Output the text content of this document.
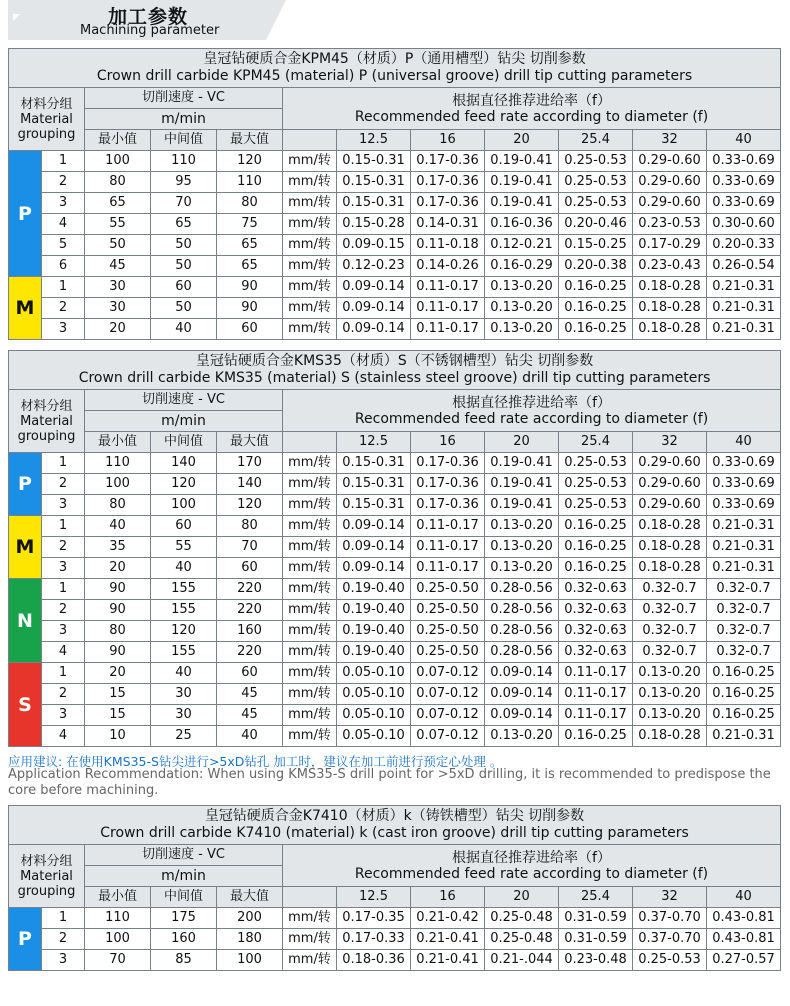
加工参数
Machining parameter
皇冠钻硬质合金KPM45（材质）P（通用槽型）钻尖 切削参数
Crown drill carbide KPM45 (material) P (universal groove) drill tip cutting parameters											
材料分组
Material
grouping		切削速度 - VC			根据直径推荐进给率（f）
Recommended feed rate according to diameter (f)						
		m/min									
		最小值	中间值	最大值		12.5	16	20	25.4	32	40
P	1	100	110	120	mm/转	0.15-0.31	0.17-0.36	0.19-0.41	0.25-0.53	0.29-0.60	0.33-0.69
	2	80	95	110	mm/转	0.15-0.31	0.17-0.36	0.19-0.41	0.25-0.53	0.29-0.60	0.33-0.69
	3	65	70	80	mm/转	0.15-0.31	0.17-0.36	0.19-0.41	0.25-0.53	0.29-0.60	0.33-0.69
	4	55	65	75	mm/转	0.15-0.28	0.14-0.31	0.16-0.36	0.20-0.46	0.23-0.53	0.30-0.60
	5	50	50	65	mm/转	0.09-0.15	0.11-0.18	0.12-0.21	0.15-0.25	0.17-0.29	0.20-0.33
	6	45	50	65	mm/转	0.12-0.23	0.14-0.26	0.16-0.29	0.20-0.38	0.23-0.43	0.26-0.54
M	1	30	60	90	mm/转	0.09-0.14	0.11-0.17	0.13-0.20	0.16-0.25	0.18-0.28	0.21-0.31
	2	30	50	90	mm/转	0.09-0.14	0.11-0.17	0.13-0.20	0.16-0.25	0.18-0.28	0.21-0.31
	3	20	40	60	mm/转	0.09-0.14	0.11-0.17	0.13-0.20	0.16-0.25	0.18-0.28	0.21-0.31
皇冠钻硬质合金KMS35（材质）S（不锈钢槽型）钻尖 切削参数
Crown drill carbide KMS35 (material) S (stainless steel groove) drill tip cutting parameters											
材料分组
Material
grouping		切削速度 - VC			根据直径推荐进给率（f）
Recommended feed rate according to diameter (f)						
		m/min									
		最小值	中间值	最大值		12.5	16	20	25.4	32	40
P	1	110	140	170	mm/转	0.15-0.31	0.17-0.36	0.19-0.41	0.25-0.53	0.29-0.60	0.33-0.69
	2	100	120	140	mm/转	0.15-0.31	0.17-0.36	0.19-0.41	0.25-0.53	0.29-0.60	0.33-0.69
	3	80	100	120	mm/转	0.15-0.31	0.17-0.36	0.19-0.41	0.25-0.53	0.29-0.60	0.33-0.69
M	1	40	60	80	mm/转	0.09-0.14	0.11-0.17	0.13-0.20	0.16-0.25	0.18-0.28	0.21-0.31
	2	35	55	70	mm/转	0.09-0.14	0.11-0.17	0.13-0.20	0.16-0.25	0.18-0.28	0.21-0.31
	3	20	40	60	mm/转	0.09-0.14	0.11-0.17	0.13-0.20	0.16-0.25	0.18-0.28	0.21-0.31
N	1	90	155	220	mm/转	0.19-0.40	0.25-0.50	0.28-0.56	0.32-0.63	0.32-0.7	0.32-0.7
	2	90	155	220	mm/转	0.19-0.40	0.25-0.50	0.28-0.56	0.32-0.63	0.32-0.7	0.32-0.7
	3	80	120	160	mm/转	0.19-0.40	0.25-0.50	0.28-0.56	0.32-0.63	0.32-0.7	0.32-0.7
	4	90	155	220	mm/转	0.19-0.40	0.25-0.50	0.28-0.56	0.32-0.63	0.32-0.7	0.32-0.7
S	1	20	40	60	mm/转	0.05-0.10	0.07-0.12	0.09-0.14	0.11-0.17	0.13-0.20	0.16-0.25
	2	15	30	45	mm/转	0.05-0.10	0.07-0.12	0.09-0.14	0.11-0.17	0.13-0.20	0.16-0.25
	3	15	30	45	mm/转	0.05-0.10	0.07-0.12	0.09-0.14	0.11-0.17	0.13-0.20	0.16-0.25
	4	10	25	40	mm/转	0.05-0.10	0.07-0.12	0.13-0.20	0.16-0.25	0.18-0.28	0.21-0.31
应用建议: 在使用KMS35-S钻尖进行>5xD钻孔 加工时，建议在加工前进行预定心处理 。
Application Recommendation: When using KMS35-S drill point for >5xD drilling, it is recommended to predispose the core before machining.
皇冠钻硬质合金K7410（材质）k（铸铁槽型）钻尖 切削参数
Crown drill carbide K7410 (material) k (cast iron groove) drill tip cutting parameters											
材料分组
Material
grouping		切削速度 - VC			根据直径推荐进给率（f）
Recommended feed rate according to diameter (f)						
		m/min									
		最小值	中间值	最大值		12.5	16	20	25.4	32	40
P	1	110	175	200	mm/转	0.17-0.35	0.21-0.42	0.25-0.48	0.31-0.59	0.37-0.70	0.43-0.81
	2	100	160	180	mm/转	0.17-0.33	0.21-0.41	0.25-0.48	0.31-0.59	0.37-0.70	0.43-0.81
	3	70	85	100	mm/转	0.18-0.36	0.21-0.41	0.21-.044	0.23-0.48	0.25-0.53	0.27-0.57
